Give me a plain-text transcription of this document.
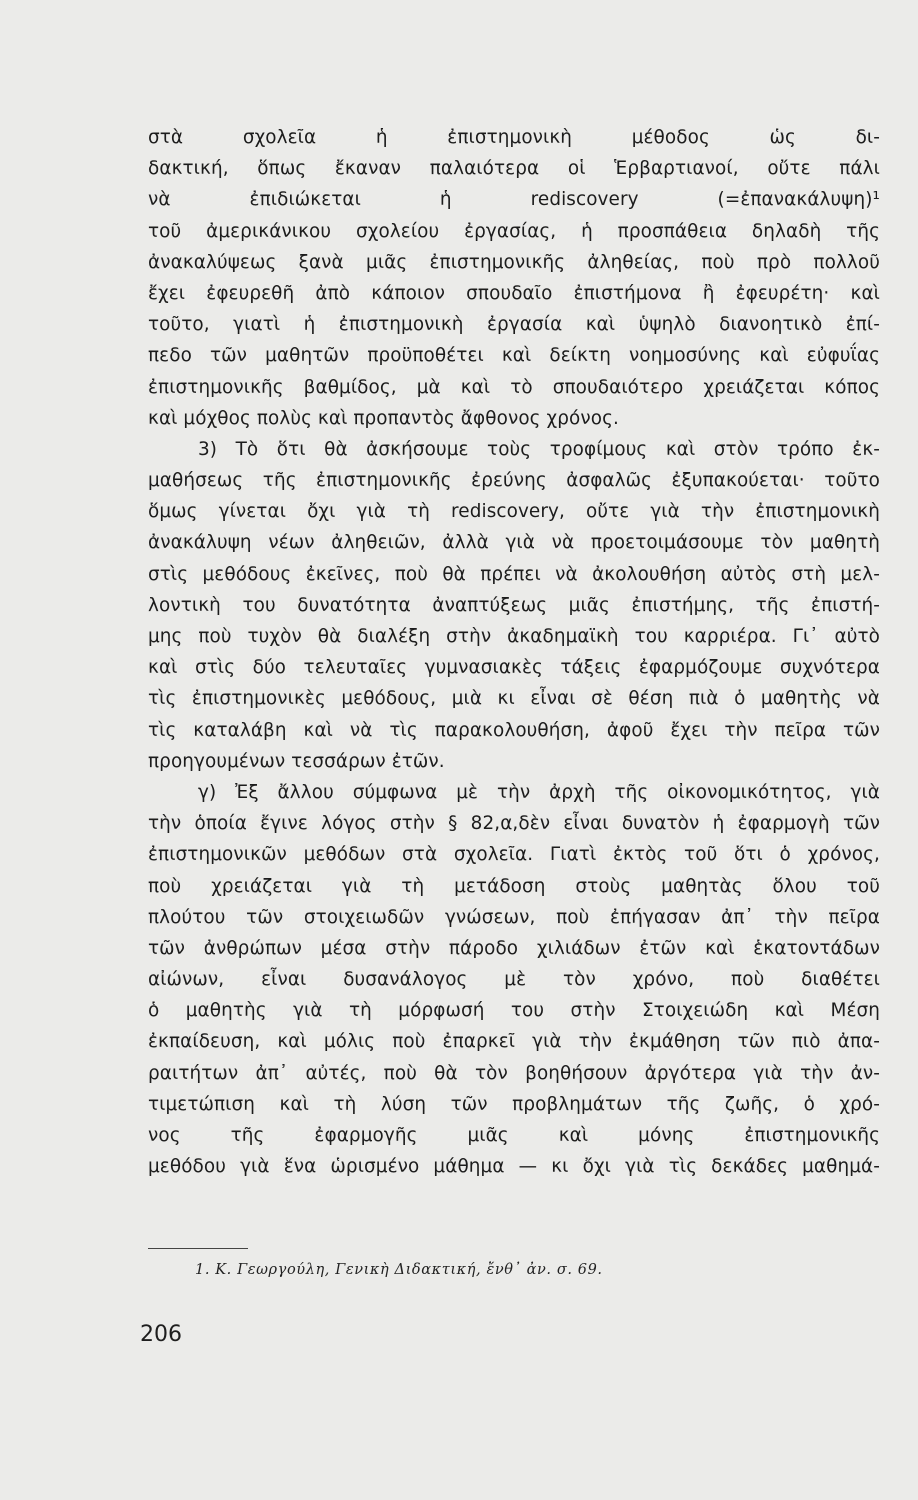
στὰ σχολεῖα ἡ ἐπιστημονικὴ μέθοδος ὡς δι-
δακτική, ὅπως ἔκαναν παλαιότερα οἱ Ἑρβαρτιανοί, οὔτε πάλι
νὰ ἐπιδιώκεται ἡ rediscovery (=ἐπανακάλυψη)¹
τοῦ ἀμερικάνικου σχολείου ἐργασίας, ἡ προσπάθεια δηλαδὴ τῆς
ἀνακαλύψεως ξανὰ μιᾶς ἐπιστημονικῆς ἀληθείας, ποὺ πρὸ πολλοῦ
ἔχει ἐφευρεθῆ ἀπὸ κάποιον σπουδαῖο ἐπιστήμονα ἢ ἐφευρέτη· καὶ
τοῦτο, γιατὶ ἡ ἐπιστημονικὴ ἐργασία καὶ ὑψηλὸ διανοητικὸ ἐπί-
πεδο τῶν μαθητῶν προϋποθέτει καὶ δείκτη νοημοσύνης καὶ εὐφυΐας
ἐπιστημονικῆς βαθμίδος, μὰ καὶ τὸ σπουδαιότερο χρειάζεται κόπος
καὶ μόχθος πολὺς καὶ προπαντὸς ἄφθονος χρόνος.
3) Τὸ ὅτι θὰ ἀσκήσουμε τοὺς τροφίμους καὶ στὸν τρόπο ἐκ-
μαθήσεως τῆς ἐπιστημονικῆς ἐρεύνης ἀσφαλῶς ἐξυπακούεται· τοῦτο
ὅμως γίνεται ὄχι γιὰ τὴ rediscovery, οὔτε γιὰ τὴν ἐπιστημονικὴ
ἀνακάλυψη νέων ἀληθειῶν, ἀλλὰ γιὰ νὰ προετοιμάσουμε τὸν μαθητὴ
στὶς μεθόδους ἐκεῖνες, ποὺ θὰ πρέπει νὰ ἀκολουθήση αὐτὸς στὴ μελ-
λοντικὴ του δυνατότητα ἀναπτύξεως μιᾶς ἐπιστήμης, τῆς ἐπιστή-
μης ποὺ τυχὸν θὰ διαλέξη στὴν ἀκαδημαϊκὴ του καρριέρα. Γι᾽ αὐτὸ
καὶ στὶς δύο τελευταῖες γυμνασιακὲς τάξεις ἐφαρμόζουμε συχνότερα
τὶς ἐπιστημονικὲς μεθόδους, μιὰ κι εἶναι σὲ θέση πιὰ ὁ μαθητὴς νὰ
τὶς καταλάβη καὶ νὰ τὶς παρακολουθήση, ἀφοῦ ἔχει τὴν πεῖρα τῶν
προηγουμένων τεσσάρων ἐτῶν.
γ) Ἐξ ἄλλου σύμφωνα μὲ τὴν ἀρχὴ τῆς οἰκονομικότητος, γιὰ
τὴν ὁποία ἔγινε λόγος στὴν § 82,α,δὲν εἶναι δυνατὸν ἡ ἐφαρμογὴ τῶν
ἐπιστημονικῶν μεθόδων στὰ σχολεῖα. Γιατὶ ἐκτὸς τοῦ ὅτι ὁ χρόνος,
ποὺ χρειάζεται γιὰ τὴ μετάδοση στοὺς μαθητὰς ὅλου τοῦ
πλούτου τῶν στοιχειωδῶν γνώσεων, ποὺ ἐπήγασαν ἀπ᾽ τὴν πεῖρα
τῶν ἀνθρώπων μέσα στὴν πάροδο χιλιάδων ἐτῶν καὶ ἑκατοντάδων
αἰώνων, εἶναι δυσανάλογος μὲ τὸν χρόνο, ποὺ διαθέτει
ὁ μαθητὴς γιὰ τὴ μόρφωσή του στὴν Στοιχειώδη καὶ Μέση
ἐκπαίδευση, καὶ μόλις ποὺ ἐπαρκεῖ γιὰ τὴν ἐκμάθηση τῶν πιὸ ἀπα-
ραιτήτων ἀπ᾽ αὐτές, ποὺ θὰ τὸν βοηθήσουν ἀργότερα γιὰ τὴν ἀν-
τιμετώπιση καὶ τὴ λύση τῶν προβλημάτων τῆς ζωῆς, ὁ χρό-
νος τῆς ἐφαρμογῆς μιᾶς καὶ μόνης ἐπιστημονικῆς
μεθόδου γιὰ ἕνα ὡρισμένο μάθημα — κι ὄχι γιὰ τὶς δεκάδες μαθημά-
1. Κ. Γεωργούλη, Γενικὴ Διδακτική, ἔνθ᾽ ἀν. σ. 69.
206
